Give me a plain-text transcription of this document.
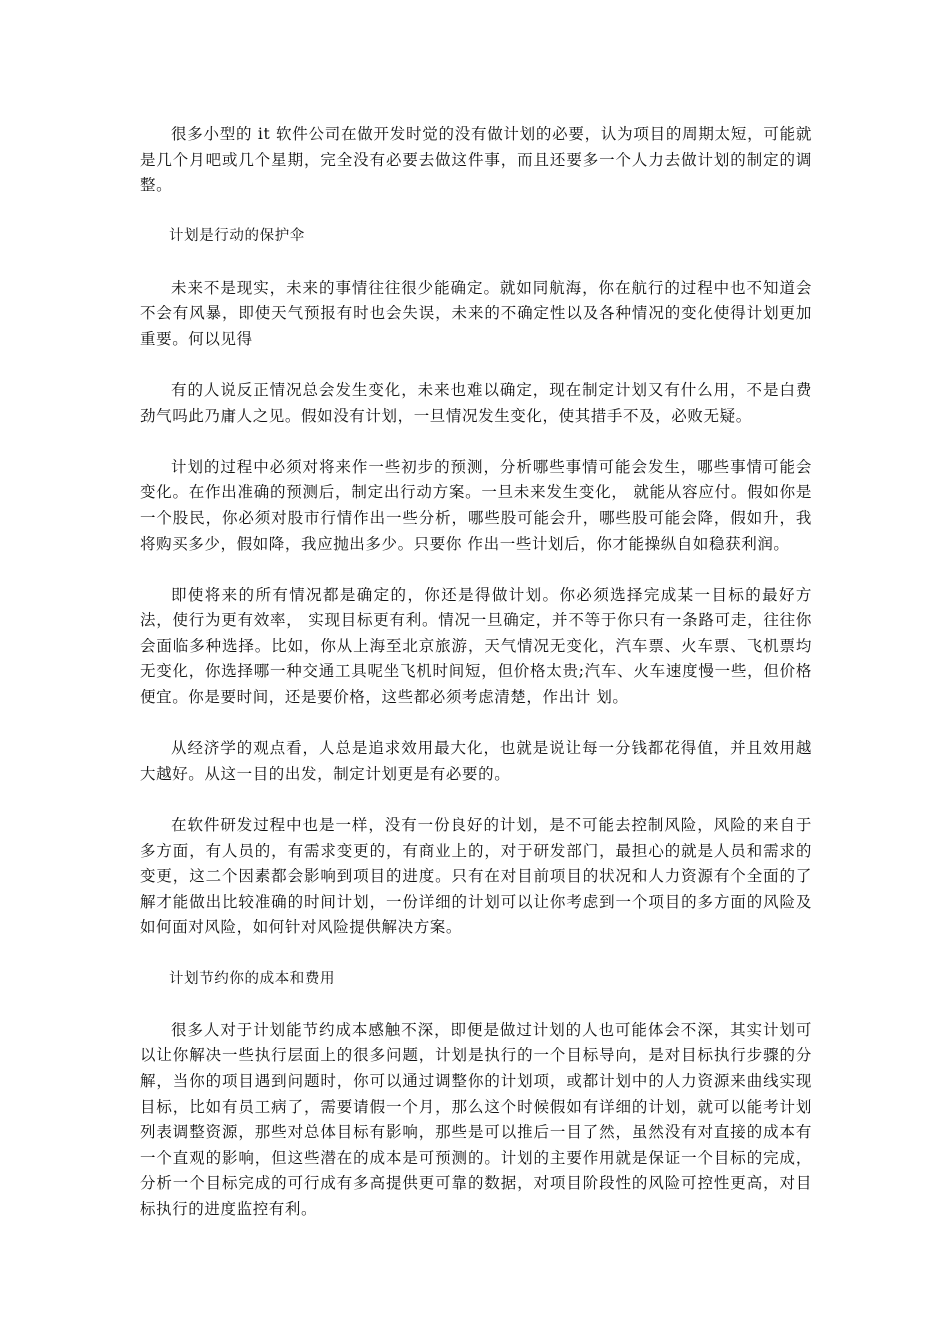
很多小型的 it 软件公司在做开发时觉的没有做计划的必要，认为项目的周期太短，可能就是几个月吧或几个星期，完全没有必要去做这件事，而且还要多一个人力去做计划的制定的调整。

计划是行动的保护伞

未来不是现实，未来的事情往往很少能确定。就如同航海，你在航行的过程中也不知道会不会有风暴，即使天气预报有时也会失误，未来的不确定性以及各种情况的变化使得计划更加重要。何以见得

有的人说反正情况总会发生变化，未来也难以确定，现在制定计划又有什么用，不是白费劲气吗此乃庸人之见。假如没有计划，一旦情况发生变化，使其措手不及，必败无疑。

计划的过程中必须对将来作一些初步的预测，分析哪些事情可能会发生，哪些事情可能会变化。在作出准确的预测后，制定出行动方案。一旦未来发生变化， 就能从容应付。假如你是一个股民，你必须对股市行情作出一些分析，哪些股可能会升，哪些股可能会降，假如升，我将购买多少，假如降，我应抛出多少。只要你 作出一些计划后，你才能操纵自如稳获利润。

即使将来的所有情况都是确定的，你还是得做计划。你必须选择完成某一目标的最好方法，使行为更有效率， 实现目标更有利。情况一旦确定，并不等于你只有一条路可走，往往你会面临多种选择。比如，你从上海至北京旅游，天气情况无变化，汽车票、火车票、飞机票均 无变化，你选择哪一种交通工具呢坐飞机时间短，但价格太贵;汽车、火车速度慢一些，但价格便宜。你是要时间，还是要价格，这些都必须考虑清楚，作出计 划。

从经济学的观点看，人总是追求效用最大化，也就是说让每一分钱都花得值，并且效用越大越好。从这一目的出发，制定计划更是有必要的。

在软件研发过程中也是一样，没有一份良好的计划，是不可能去控制风险，风险的来自于多方面，有人员的，有需求变更的，有商业上的，对于研发部门，最担心的就是人员和需求的变更，这二个因素都会影响到项目的进度。只有在对目前项目的状况和人力资源有个全面的了解才能做出比较准确的时间计划，一份详细的计划可以让你考虑到一个项目的多方面的风险及如何面对风险，如何针对风险提供解决方案。

计划节约你的成本和费用

很多人对于计划能节约成本感触不深，即便是做过计划的人也可能体会不深，其实计划可以让你解决一些执行层面上的很多问题，计划是执行的一个目标导向，是对目标执行步骤的分解，当你的项目遇到问题时，你可以通过调整你的计划项，或都计划中的人力资源来曲线实现目标，比如有员工病了，需要请假一个月，那么这个时候假如有详细的计划，就可以能考计划列表调整资源，那些对总体目标有影响，那些是可以推后一目了然，虽然没有对直接的成本有一个直观的影响，但这些潜在的成本是可预测的。计划的主要作用就是保证一个目标的完成，分析一个目标完成的可行成有多高提供更可靠的数据，对项目阶段性的风险可控性更高，对目标执行的进度监控有利。
